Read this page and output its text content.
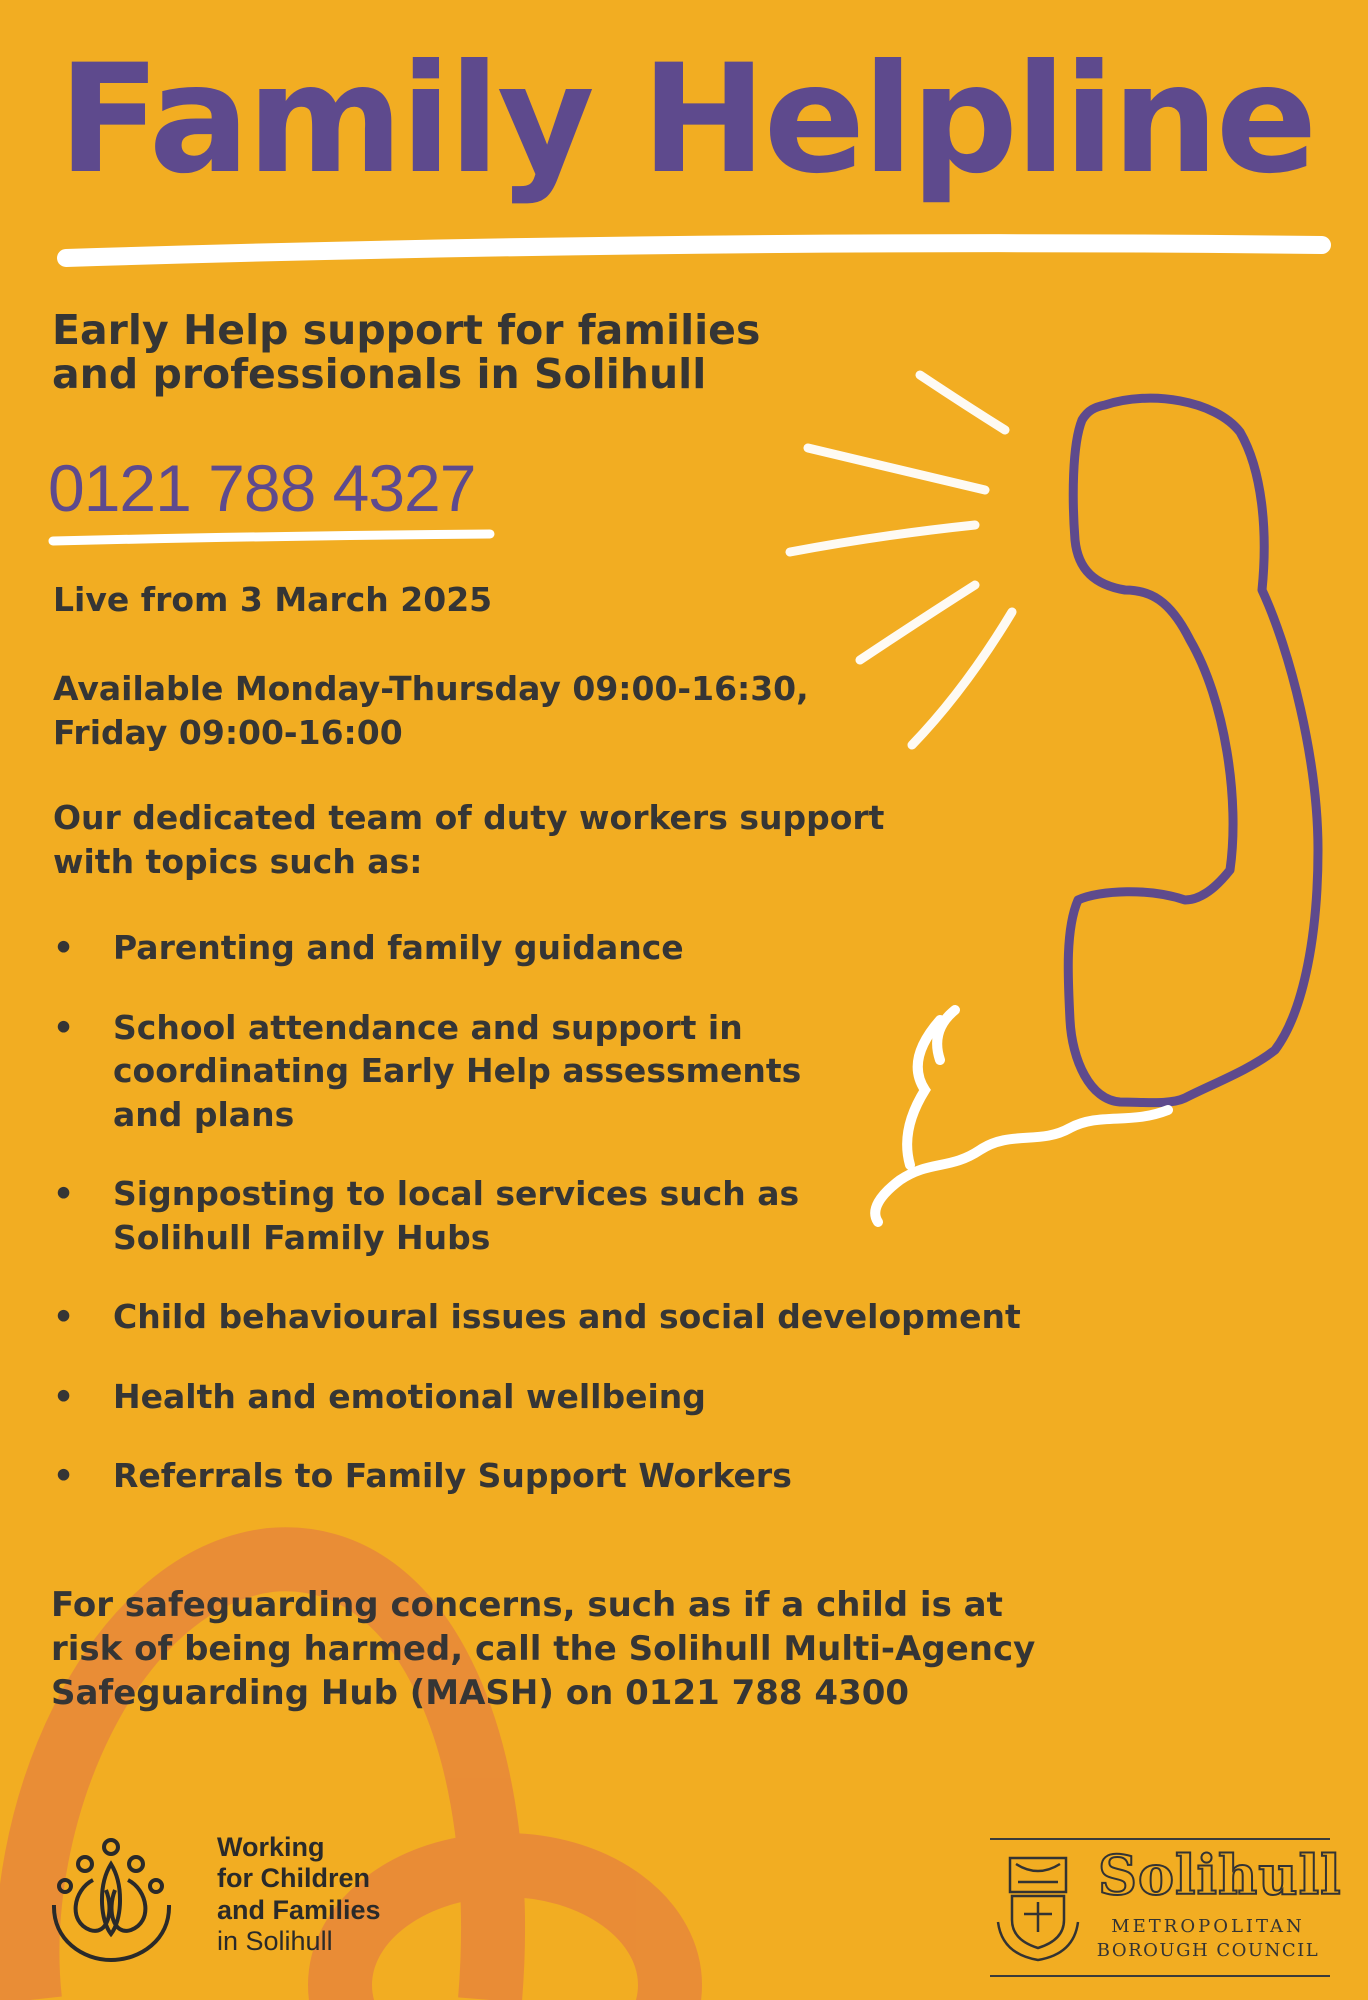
Family Helpline
Early Help support for families
and professionals in Solihull
0121 788 4327

Live from 3 March 2025

Available Monday-Thursday 09:00-16:30,
Friday 09:00-16:00
Our dedicated team of duty workers support
with topics such as:
• Parenting and family guidance
• School attendance and support in coordinating Early Help assessments and plans
• Signposting to local services such as Solihull Family Hubs
• Child behavioural issues and social development
• Health and emotional wellbeing
• Referrals to Family Support Workers
For safeguarding concerns, such as if a child is at
risk of being harmed, call the Solihull Multi-Agency
Safeguarding Hub (MASH) on 0121 788 4300
Working
for Children
and Families
in Solihull
Solihull
METROPOLITAN
BOROUGH COUNCIL
